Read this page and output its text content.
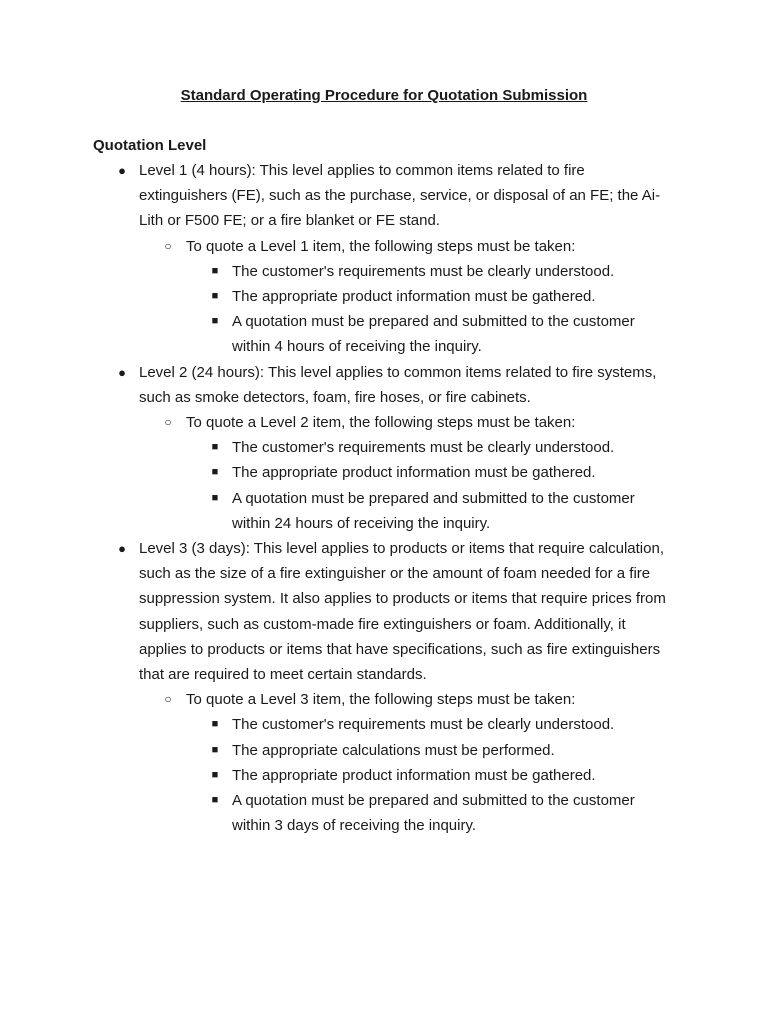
Standard Operating Procedure for Quotation Submission
Quotation Level
● Level 1 (4 hours): This level applies to common items related to fire extinguishers (FE), such as the purchase, service, or disposal of an FE; the Ai-Lith or F500 FE; or a fire blanket or FE stand.
○ To quote a Level 1 item, the following steps must be taken:
■ The customer's requirements must be clearly understood.
■ The appropriate product information must be gathered.
■ A quotation must be prepared and submitted to the customer within 4 hours of receiving the inquiry.
● Level 2 (24 hours): This level applies to common items related to fire systems, such as smoke detectors, foam, fire hoses, or fire cabinets.
○ To quote a Level 2 item, the following steps must be taken:
■ The customer's requirements must be clearly understood.
■ The appropriate product information must be gathered.
■ A quotation must be prepared and submitted to the customer within 24 hours of receiving the inquiry.
● Level 3 (3 days): This level applies to products or items that require calculation, such as the size of a fire extinguisher or the amount of foam needed for a fire suppression system. It also applies to products or items that require prices from suppliers, such as custom-made fire extinguishers or foam. Additionally, it applies to products or items that have specifications, such as fire extinguishers that are required to meet certain standards.
○ To quote a Level 3 item, the following steps must be taken:
■ The customer's requirements must be clearly understood.
■ The appropriate calculations must be performed.
■ The appropriate product information must be gathered.
■ A quotation must be prepared and submitted to the customer within 3 days of receiving the inquiry.
